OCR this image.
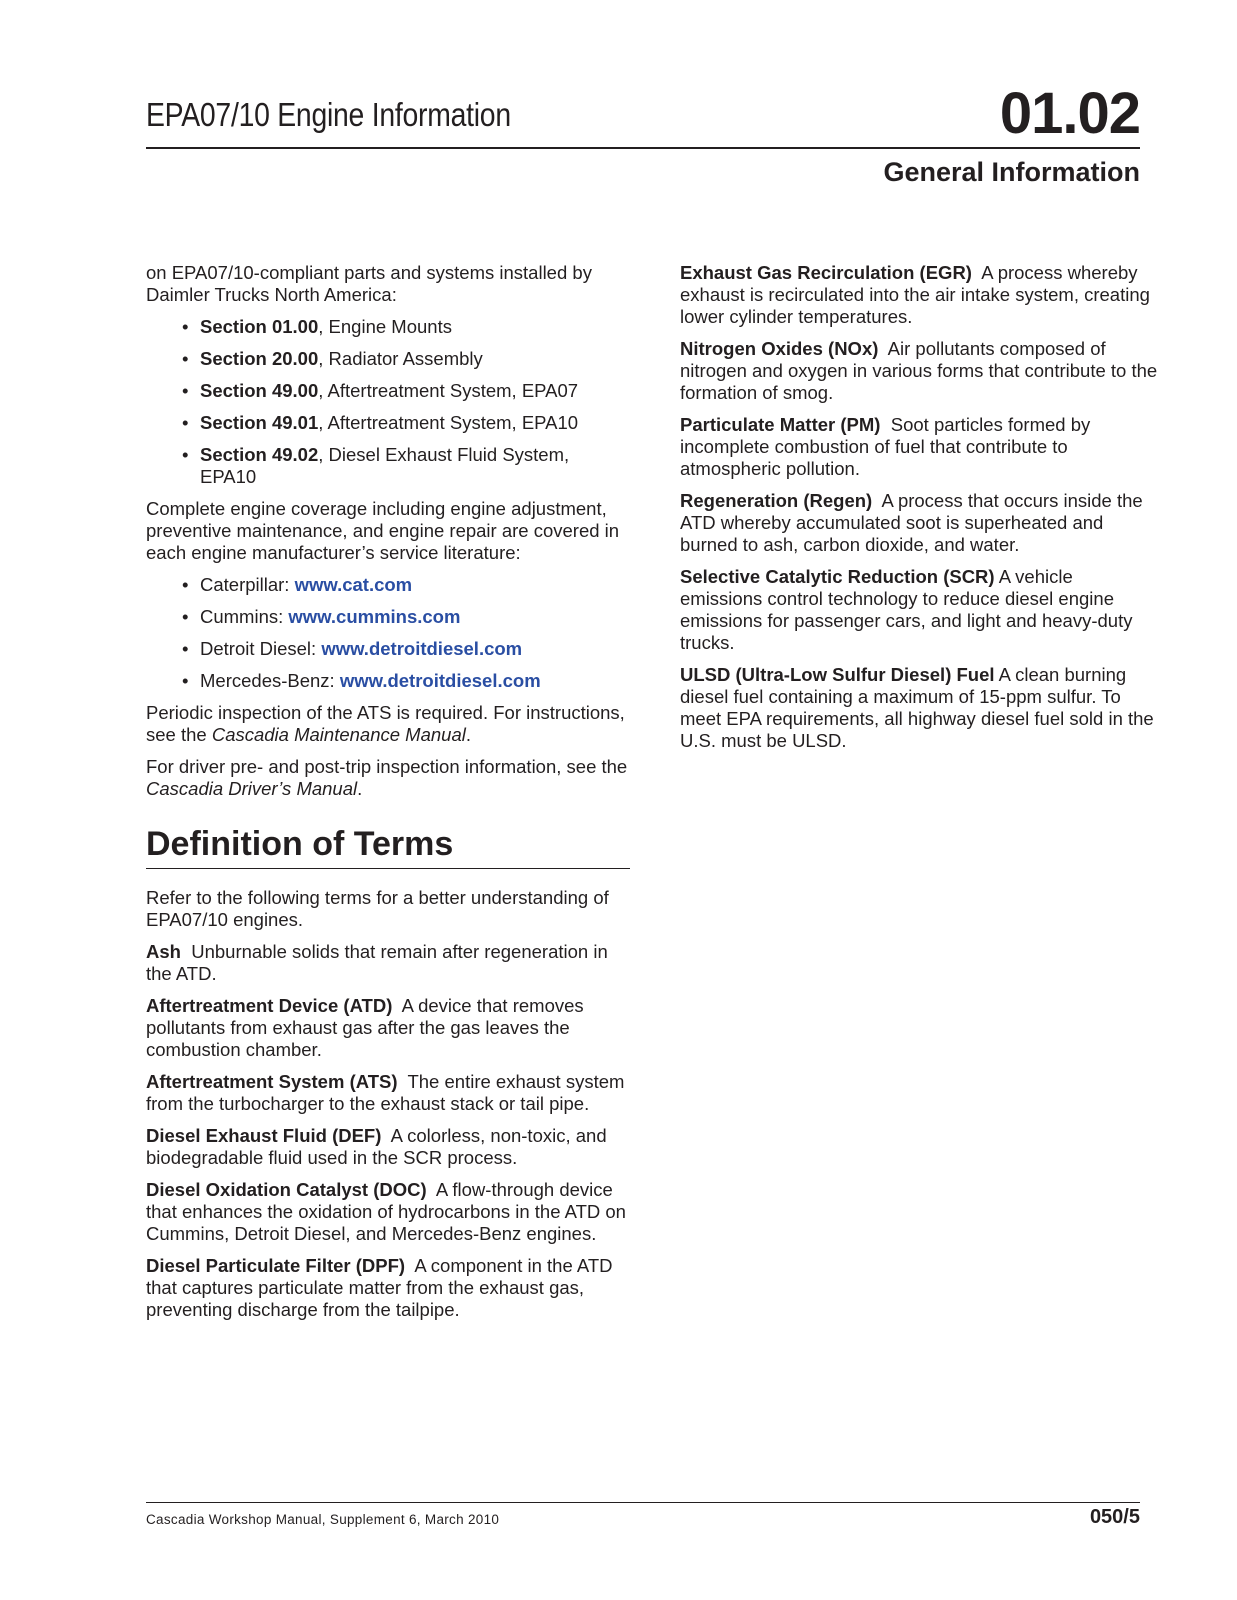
EPA07/10 Engine Information	01.02
General Information

on EPA07/10-compliant parts and systems installed by Daimler Trucks North America:

• Section 01.00, Engine Mounts
• Section 20.00, Radiator Assembly
• Section 49.00, Aftertreatment System, EPA07
• Section 49.01, Aftertreatment System, EPA10
• Section 49.02, Diesel Exhaust Fluid System, EPA10

Complete engine coverage including engine adjustment, preventive maintenance, and engine repair are covered in each engine manufacturer’s service literature:

• Caterpillar: www.cat.com
• Cummins: www.cummins.com
• Detroit Diesel: www.detroitdiesel.com
• Mercedes-Benz: www.detroitdiesel.com

Periodic inspection of the ATS is required. For instructions, see the Cascadia Maintenance Manual.

For driver pre- and post-trip inspection information, see the Cascadia Driver’s Manual.

Definition of Terms

Refer to the following terms for a better understanding of EPA07/10 engines.

Ash Unburnable solids that remain after regeneration in the ATD.

Aftertreatment Device (ATD) A device that removes pollutants from exhaust gas after the gas leaves the combustion chamber.

Aftertreatment System (ATS) The entire exhaust system from the turbocharger to the exhaust stack or tail pipe.

Diesel Exhaust Fluid (DEF) A colorless, non-toxic, and biodegradable fluid used in the SCR process.

Diesel Oxidation Catalyst (DOC) A flow-through device that enhances the oxidation of hydrocarbons in the ATD on Cummins, Detroit Diesel, and Mercedes-Benz engines.

Diesel Particulate Filter (DPF) A component in the ATD that captures particulate matter from the exhaust gas, preventing discharge from the tailpipe.

Exhaust Gas Recirculation (EGR) A process whereby exhaust is recirculated into the air intake system, creating lower cylinder temperatures.

Nitrogen Oxides (NOx) Air pollutants composed of nitrogen and oxygen in various forms that contribute to the formation of smog.

Particulate Matter (PM) Soot particles formed by incomplete combustion of fuel that contribute to atmospheric pollution.

Regeneration (Regen) A process that occurs inside the ATD whereby accumulated soot is superheated and burned to ash, carbon dioxide, and water.

Selective Catalytic Reduction (SCR) A vehicle emissions control technology to reduce diesel engine emissions for passenger cars, and light and heavy-duty trucks.

ULSD (Ultra-Low Sulfur Diesel) Fuel A clean burning diesel fuel containing a maximum of 15-ppm sulfur. To meet EPA requirements, all highway diesel fuel sold in the U.S. must be ULSD.

Cascadia Workshop Manual, Supplement 6, March 2010	050/5
